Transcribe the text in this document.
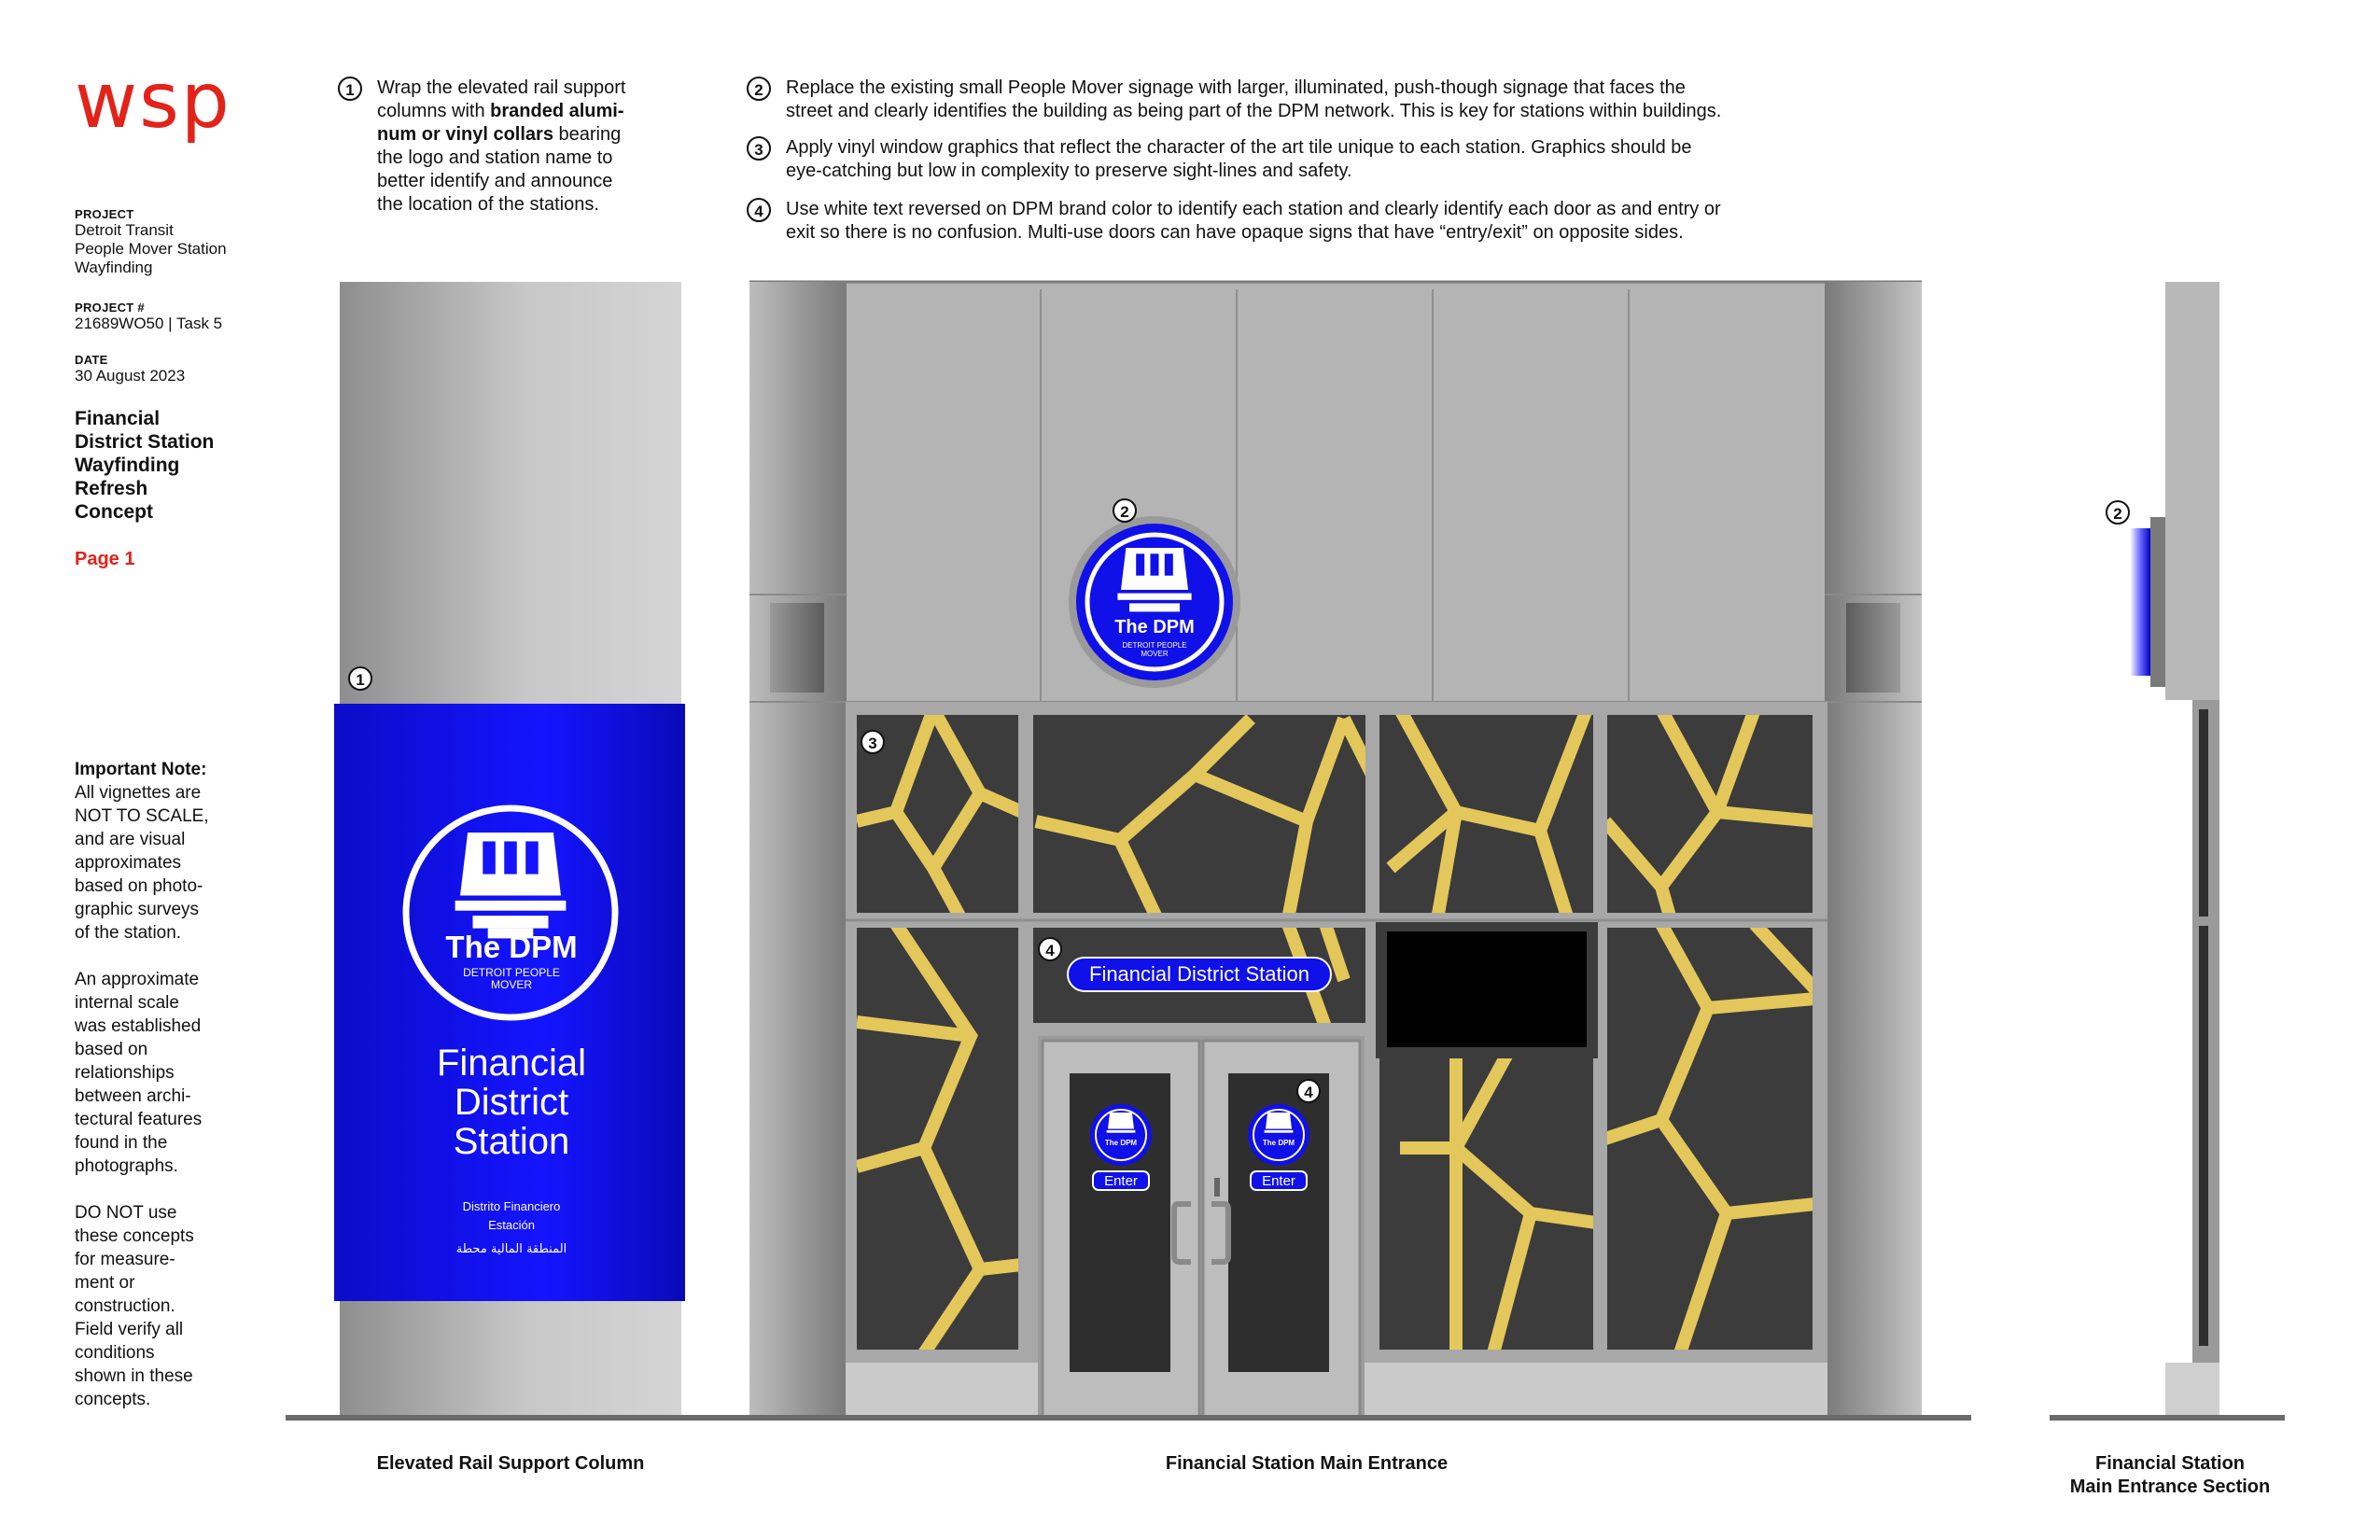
wsp
PROJECT
Detroit Transit
People Mover Station
Wayfinding
PROJECT #
21689WO50 | Task 5
DATE
30 August 2023
Financial
District Station
Wayfinding
Refresh
Concept
Page 1
Important Note:
All vignettes are
NOT TO SCALE,
and are visual
approximates
based on photo-
graphic surveys
of the station.
An approximate
internal scale
was established
based on
relationships
between archi-
tectural features
found in the
photographs.
DO NOT use
these concepts
for measure-
ment or
construction.
Field verify all
conditions
shown in these
concepts.
1	Wrap the elevated rail support
columns with branded alumi-
num or vinyl collars bearing
the logo and station name to
better identify and announce
the location of the stations.
2	Replace the existing small People Mover signage with larger, illuminated, push-though signage that faces the
street and clearly identifies the building as being part of the DPM network. This is key for stations within buildings.
3	Apply vinyl window graphics that reflect the character of the art tile unique to each station. Graphics should be
eye-catching but low in complexity to preserve sight-lines and safety.
4	Use white text reversed on DPM brand color to identify each station and clearly identify each door as and entry or
exit so there is no confusion. Multi-use doors can have opaque signs that have “entry/exit” on opposite sides.
The DPM
DETROIT PEOPLE
MOVER
Financial
District
Station
Distrito Financiero
Estación
المنطقة المالية محطة
The DPM
DETROIT PEOPLE
MOVER
The DPM	The DPM
Enter	Enter
Financial District Station
1
2
3
4
4
2
Elevated Rail Support Column	Financial Station Main Entrance	Financial Station
Main Entrance Section
